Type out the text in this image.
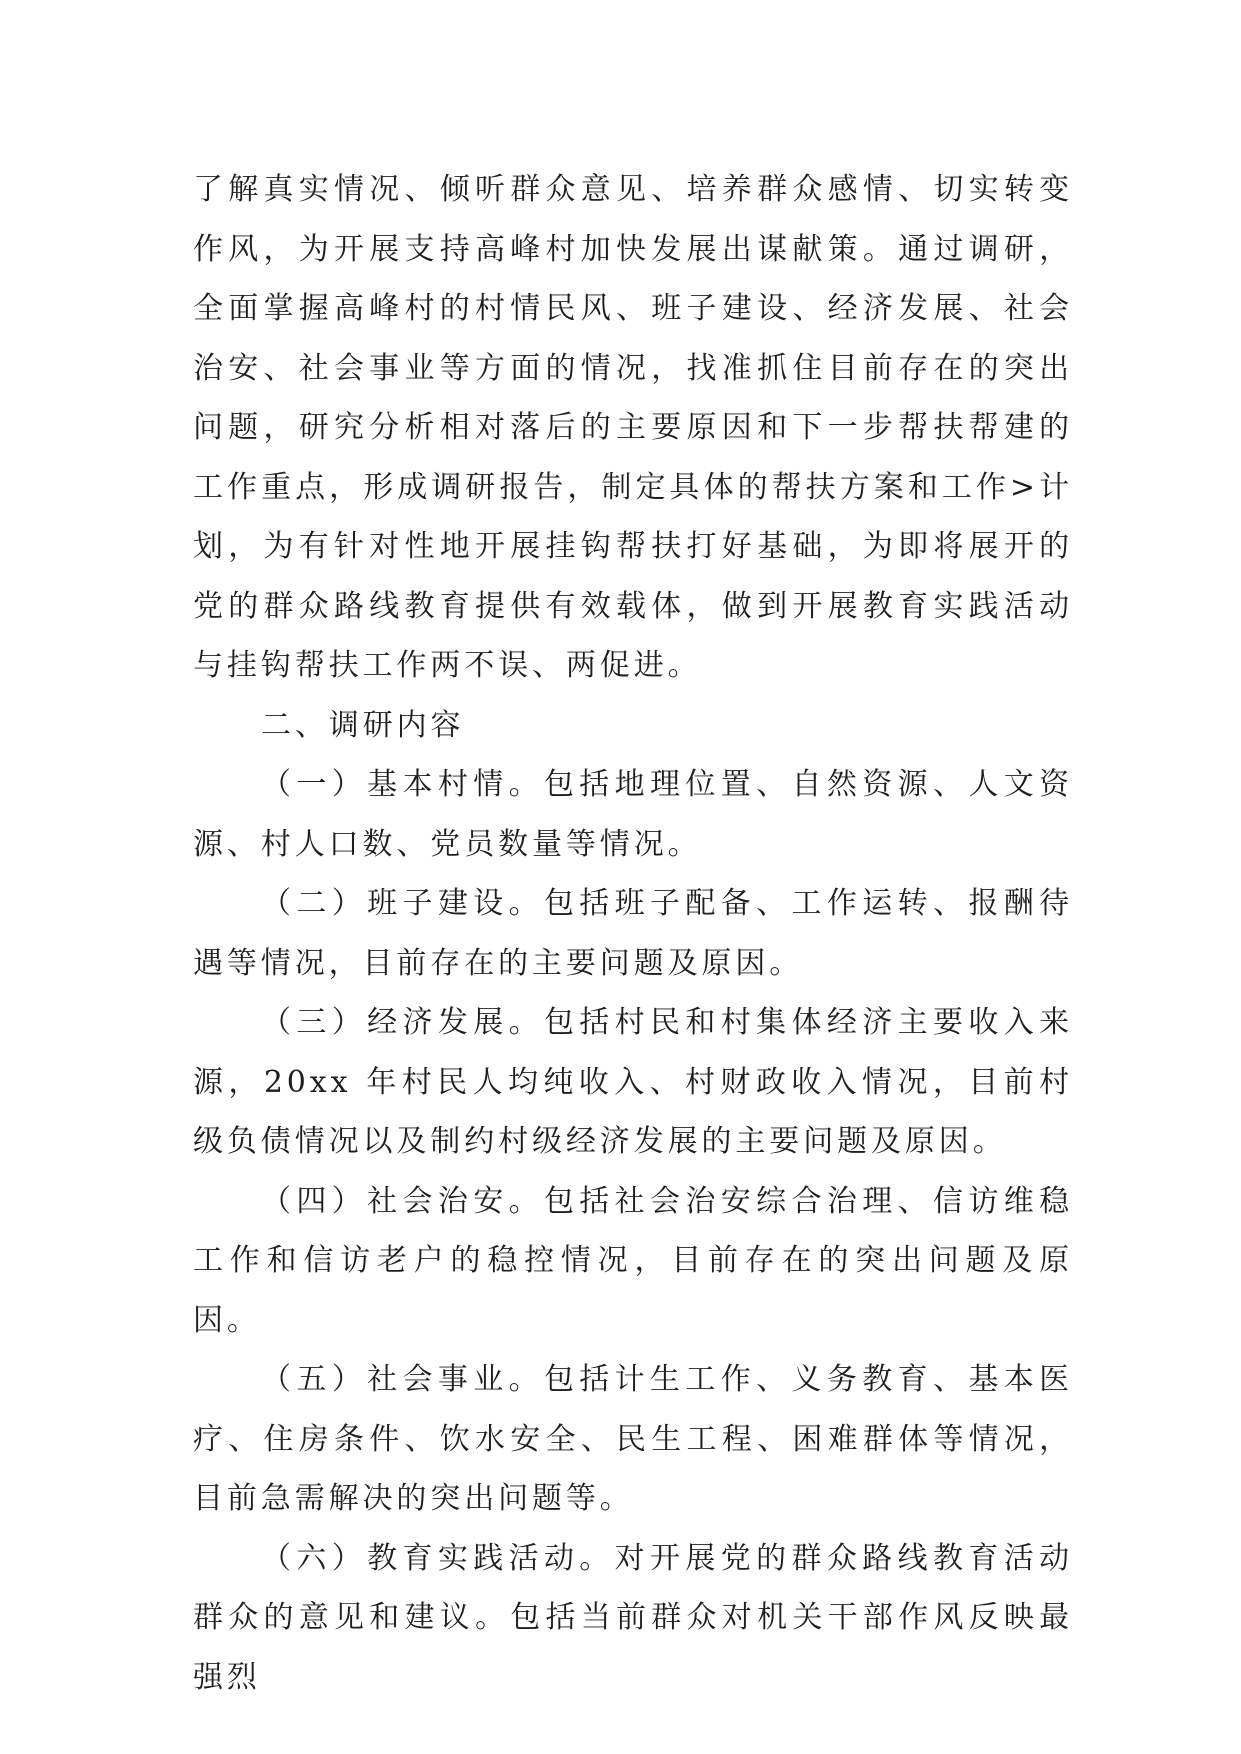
了解真实情况、倾听群众意见、培养群众感情、切实转变作风，为开展支持高峰村加快发展出谋献策。通过调研，全面掌握高峰村的村情民风、班子建设、经济发展、社会治安、社会事业等方面的情况，找准抓住目前存在的突出问题，研究分析相对落后的主要原因和下一步帮扶帮建的工作重点，形成调研报告，制定具体的帮扶方案和工作>计划，为有针对性地开展挂钩帮扶打好基础，为即将展开的党的群众路线教育提供有效载体，做到开展教育实践活动与挂钩帮扶工作两不误、两促进。

二、调研内容

（一）基本村情。包括地理位置、自然资源、人文资源、村人口数、党员数量等情况。

（二）班子建设。包括班子配备、工作运转、报酬待遇等情况，目前存在的主要问题及原因。

（三）经济发展。包括村民和村集体经济主要收入来源，20xx 年村民人均纯收入、村财政收入情况，目前村级负债情况以及制约村级经济发展的主要问题及原因。

（四）社会治安。包括社会治安综合治理、信访维稳工作和信访老户的稳控情况，目前存在的突出问题及原因。

（五）社会事业。包括计生工作、义务教育、基本医疗、住房条件、饮水安全、民生工程、困难群体等情况，目前急需解决的突出问题等。

（六）教育实践活动。对开展党的群众路线教育活动群众的意见和建议。包括当前群众对机关干部作风反映最强烈
